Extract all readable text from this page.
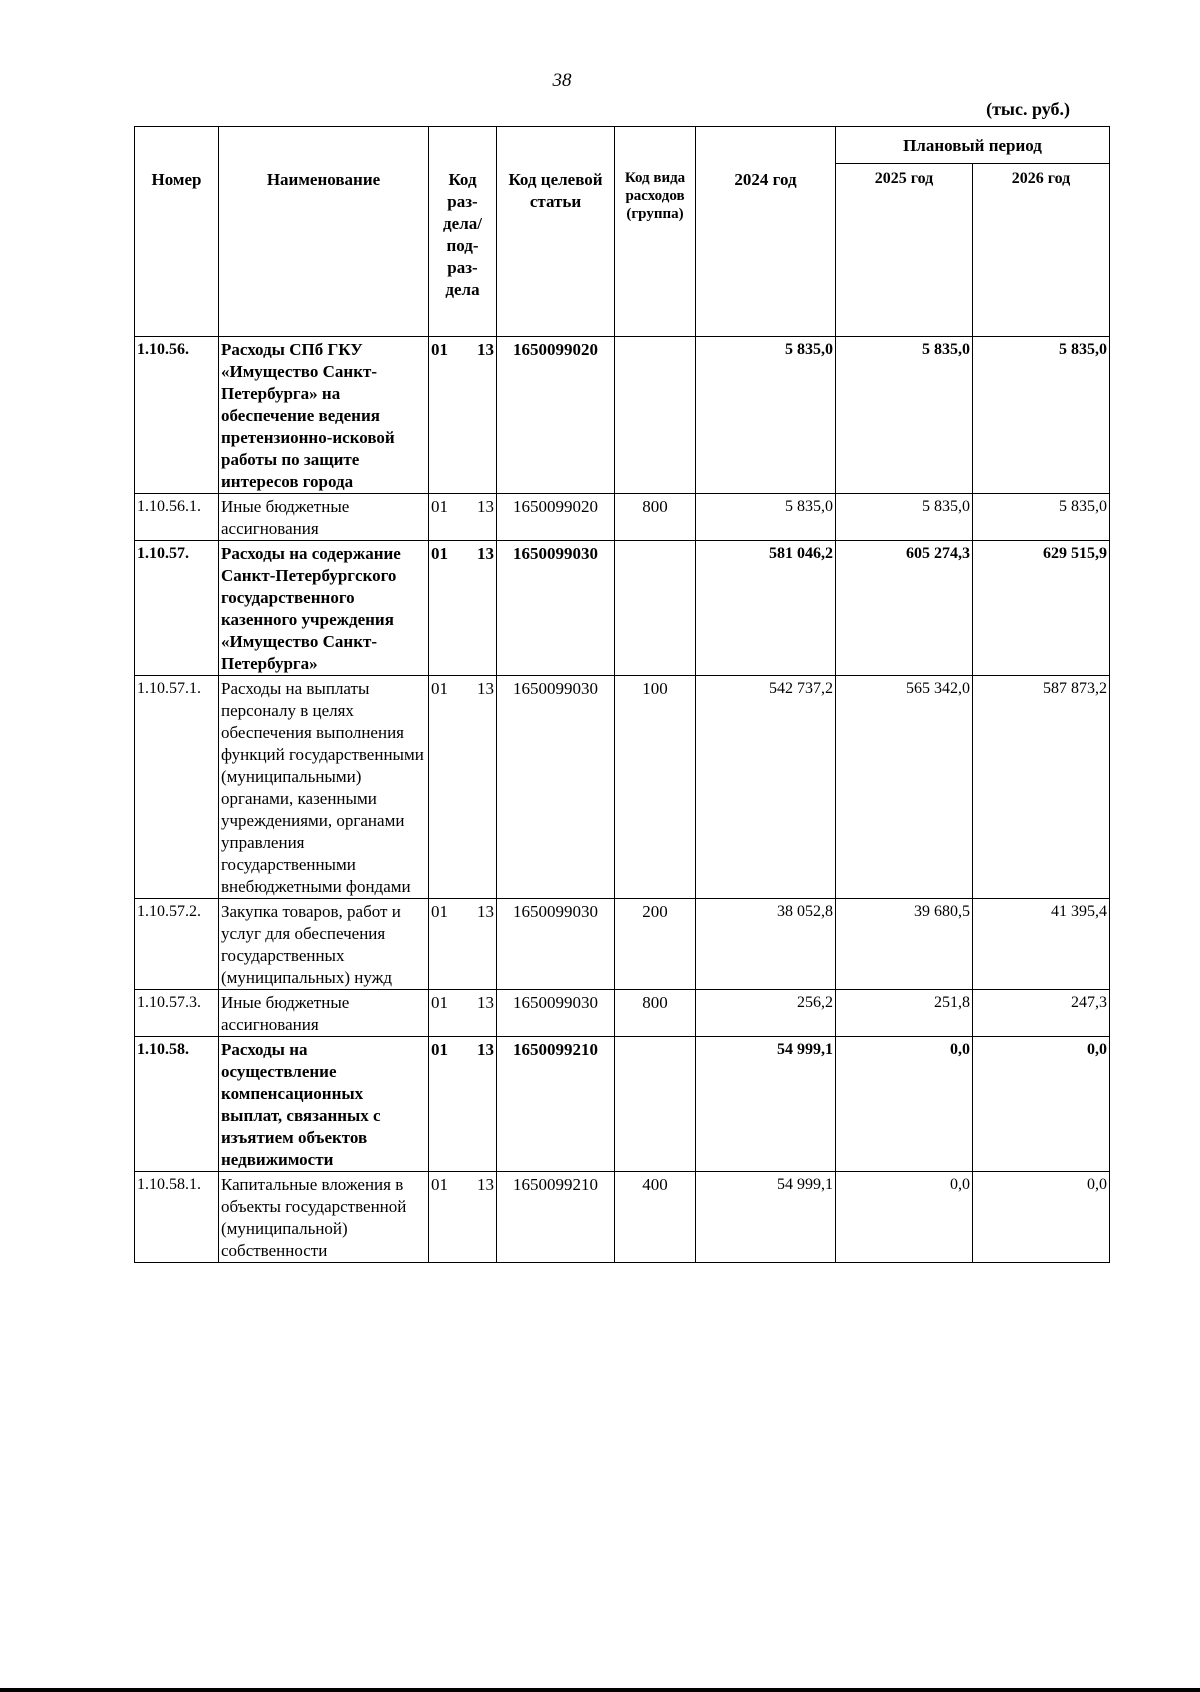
38
(тыс. руб.)
Номер	Наименование	Код раз- дела/ под- раз- дела	Код целевой статьи	Код вида расходов (группа)	2024 год	Плановый период	
						2025 год	2026 год
1.10.56.	Расходы СПб ГКУ «Имущество Санкт-Петербурга» на обеспечение ведения претензионно-исковой работы по защите интересов города	01 13	1650099020		5 835,0	5 835,0	5 835,0
1.10.56.1.	Иные бюджетные ассигнования	01 13	1650099020	800	5 835,0	5 835,0	5 835,0
1.10.57.	Расходы на содержание Санкт-Петербургского государственного казенного учреждения «Имущество Санкт-Петербурга»	01 13	1650099030		581 046,2	605 274,3	629 515,9
1.10.57.1.	Расходы на выплаты персоналу в целях обеспечения выполнения функций государственными (муниципальными) органами, казенными учреждениями, органами управления государственными внебюджетными фондами	01 13	1650099030	100	542 737,2	565 342,0	587 873,2
1.10.57.2.	Закупка товаров, работ и услуг для обеспечения государственных (муниципальных) нужд	01 13	1650099030	200	38 052,8	39 680,5	41 395,4
1.10.57.3.	Иные бюджетные ассигнования	01 13	1650099030	800	256,2	251,8	247,3
1.10.58.	Расходы на осуществление компенсационных выплат, связанных с изъятием объектов недвижимости	01 13	1650099210		54 999,1	0,0	0,0
1.10.58.1.	Капитальные вложения в объекты государственной (муниципальной) собственности	01 13	1650099210	400	54 999,1	0,0	0,0
